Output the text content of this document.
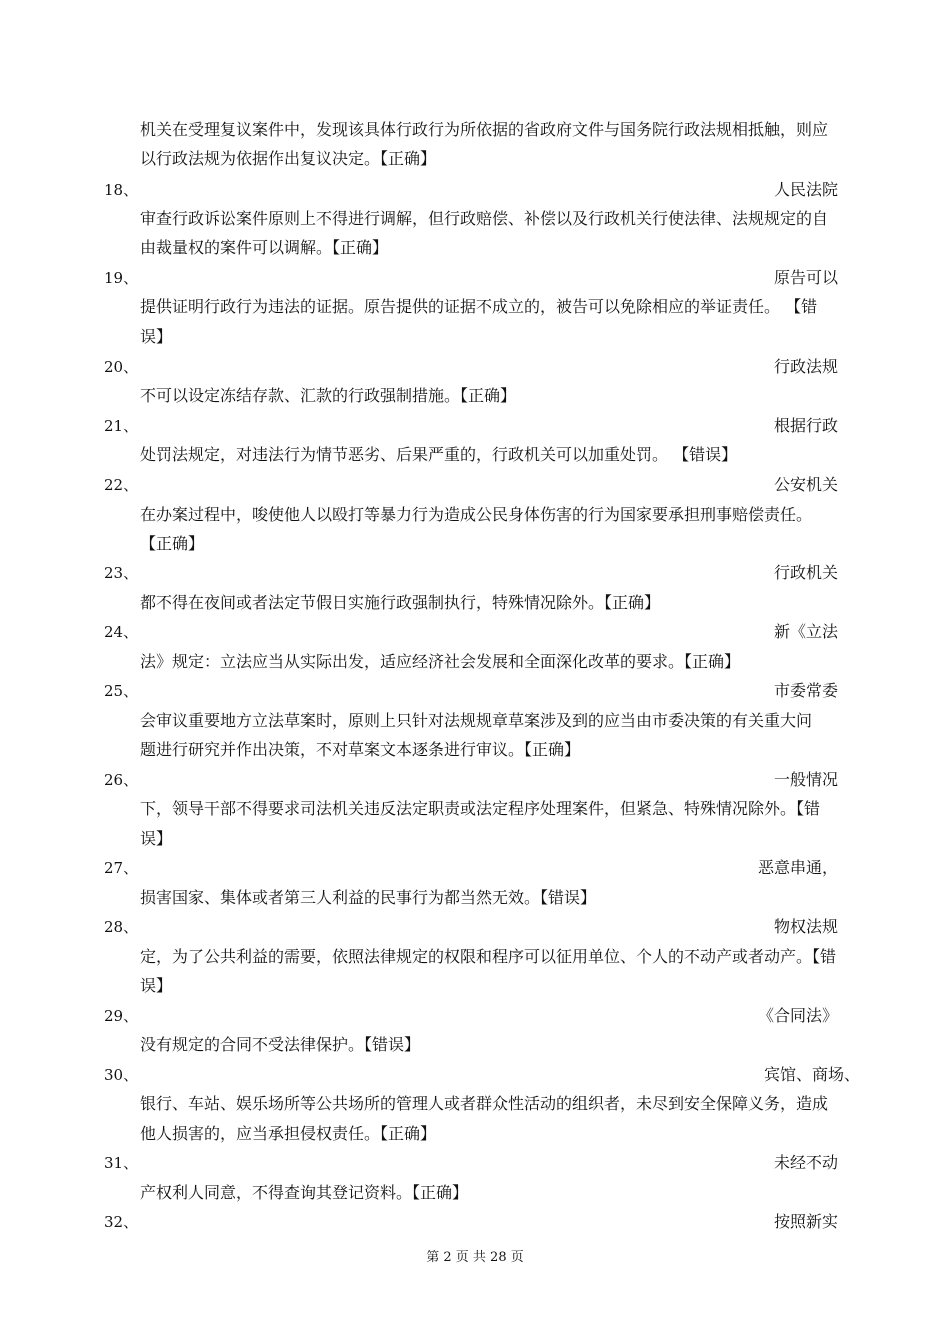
机关在受理复议案件中，发现该具体行政行为所依据的省政府文件与国务院行政法规相抵触，则应
以行政法规为依据作出复议决定。【正确】
18、	人民法院
审查行政诉讼案件原则上不得进行调解，但行政赔偿、补偿以及行政机关行使法律、法规规定的自
由裁量权的案件可以调解。【正确】
19、	原告可以
提供证明行政行为违法的证据。原告提供的证据不成立的，被告可以免除相应的举证责任。 【错
误】
20、	行政法规
不可以设定冻结存款、汇款的行政强制措施。【正确】
21、	根据行政
处罚法规定，对违法行为情节恶劣、后果严重的，行政机关可以加重处罚。 【错误】
22、	公安机关
在办案过程中，唆使他人以殴打等暴力行为造成公民身体伤害的行为国家要承担刑事赔偿责任。
【正确】
23、	行政机关
都不得在夜间或者法定节假日实施行政强制执行，特殊情况除外。【正确】
24、	新《立法
法》规定：立法应当从实际出发，适应经济社会发展和全面深化改革的要求。【正确】
25、	市委常委
会审议重要地方立法草案时，原则上只针对法规规章草案涉及到的应当由市委决策的有关重大问
题进行研究并作出决策，不对草案文本逐条进行审议。【正确】
26、	一般情况
下，领导干部不得要求司法机关违反法定职责或法定程序处理案件，但紧急、特殊情况除外。【错
误】
27、	恶意串通，
损害国家、集体或者第三人利益的民事行为都当然无效。【错误】
28、	物权法规
定，为了公共利益的需要，依照法律规定的权限和程序可以征用单位、个人的不动产或者动产。【错
误】
29、	《合同法》
没有规定的合同不受法律保护。【错误】
30、	宾馆、商场、
银行、车站、娱乐场所等公共场所的管理人或者群众性活动的组织者，未尽到安全保障义务，造成
他人损害的，应当承担侵权责任。【正确】
31、	未经不动
产权利人同意，不得查询其登记资料。【正确】
32、	按照新实
第 2 页 共 28 页
